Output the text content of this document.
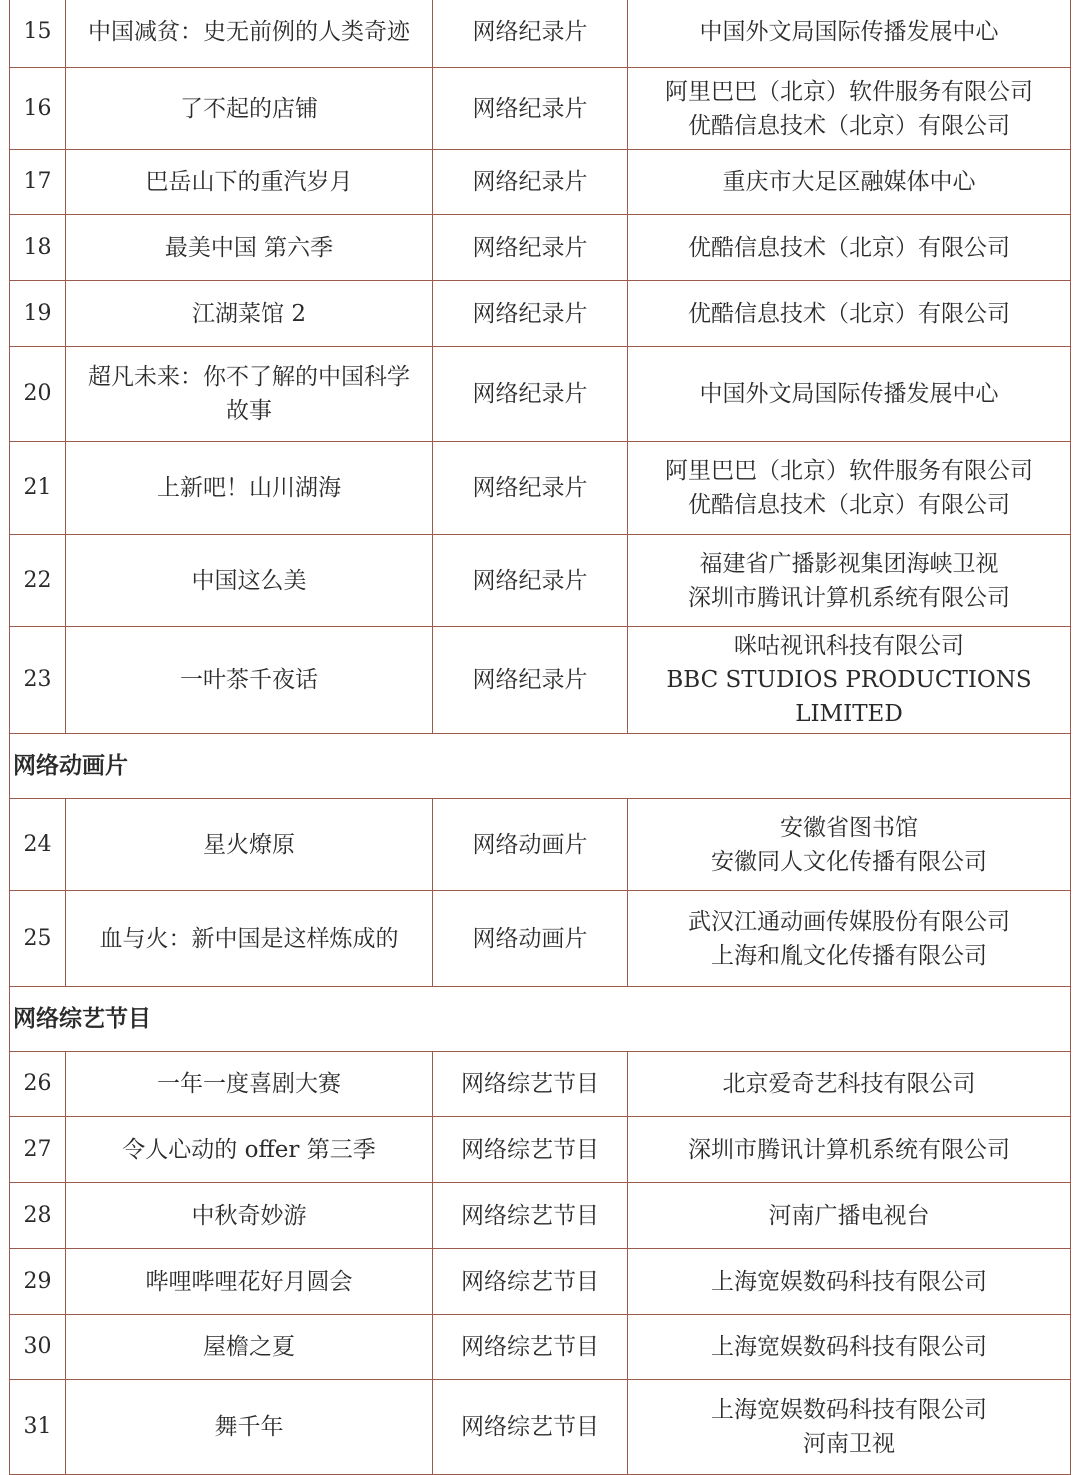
15	中国减贫：史无前例的人类奇迹	网络纪录片	中国外文局国际传播发展中心

16	了不起的店铺	网络纪录片	阿里巴巴（北京）软件服务有限公司
优酷信息技术（北京）有限公司

17	巴岳山下的重汽岁月	网络纪录片	重庆市大足区融媒体中心

18	最美中国 第六季	网络纪录片	优酷信息技术（北京）有限公司

19	江湖菜馆 2	网络纪录片	优酷信息技术（北京）有限公司

20	超凡未来：你不了解的中国科学
故事	网络纪录片	中国外文局国际传播发展中心

21	上新吧！山川湖海	网络纪录片	阿里巴巴（北京）软件服务有限公司
优酷信息技术（北京）有限公司

22	中国这么美	网络纪录片	福建省广播影视集团海峡卫视
深圳市腾讯计算机系统有限公司

23	一叶茶千夜话	网络纪录片	咪咕视讯科技有限公司
BBC STUDIOS PRODUCTIONS
LIMITED

网络动画片			
24	星火燎原	网络动画片	安徽省图书馆
安徽同人文化传播有限公司

25	血与火：新中国是这样炼成的	网络动画片	武汉江通动画传媒股份有限公司
上海和胤文化传播有限公司

网络综艺节目			
26	一年一度喜剧大赛	网络综艺节目	北京爱奇艺科技有限公司

27	令人心动的 offer 第三季	网络综艺节目	深圳市腾讯计算机系统有限公司

28	中秋奇妙游	网络综艺节目	河南广播电视台

29	哔哩哔哩花好月圆会	网络综艺节目	上海宽娱数码科技有限公司

30	屋檐之夏	网络综艺节目	上海宽娱数码科技有限公司

31	舞千年	网络综艺节目	上海宽娱数码科技有限公司
河南卫视
